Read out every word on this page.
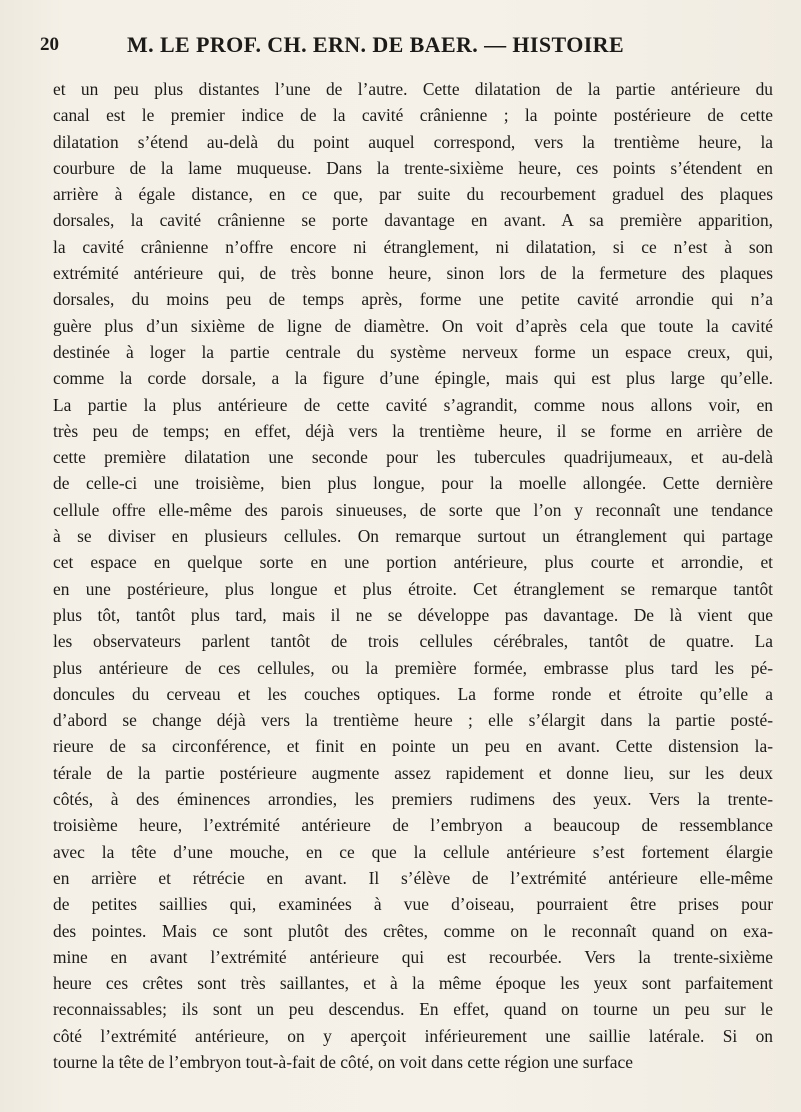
20	M. LE PROF. CH. ERN. DE BAER. — HISTOIRE
et un peu plus distantes l’une de l’autre. Cette dilatation de la partie antérieure du
canal est le premier indice de la cavité crânienne ; la pointe postérieure de cette
dilatation s’étend au-delà du point auquel correspond, vers la trentième heure, la
courbure de la lame muqueuse. Dans la trente-sixième heure, ces points s’étendent en
arrière à égale distance, en ce que, par suite du recourbement graduel des plaques
dorsales, la cavité crânienne se porte davantage en avant. A sa première apparition,
la cavité crânienne n’offre encore ni étranglement, ni dilatation, si ce n’est à son
extrémité antérieure qui, de très bonne heure, sinon lors de la fermeture des plaques
dorsales, du moins peu de temps après, forme une petite cavité arrondie qui n’a
guère plus d’un sixième de ligne de diamètre. On voit d’après cela que toute la cavité
destinée à loger la partie centrale du système nerveux forme un espace creux, qui,
comme la corde dorsale, a la figure d’une épingle, mais qui est plus large qu’elle.
La partie la plus antérieure de cette cavité s’agrandit, comme nous allons voir, en
très peu de temps; en effet, déjà vers la trentième heure, il se forme en arrière de
cette première dilatation une seconde pour les tubercules quadrijumeaux, et au-delà
de celle-ci une troisième, bien plus longue, pour la moelle allongée. Cette dernière
cellule offre elle-même des parois sinueuses, de sorte que l’on y reconnaît une tendance
à se diviser en plusieurs cellules. On remarque surtout un étranglement qui partage
cet espace en quelque sorte en une portion antérieure, plus courte et arrondie, et
en une postérieure, plus longue et plus étroite. Cet étranglement se remarque tantôt
plus tôt, tantôt plus tard, mais il ne se développe pas davantage. De là vient que
les observateurs parlent tantôt de trois cellules cérébrales, tantôt de quatre. La
plus antérieure de ces cellules, ou la première formée, embrasse plus tard les pé-
doncules du cerveau et les couches optiques. La forme ronde et étroite qu’elle a
d’abord se change déjà vers la trentième heure ; elle s’élargit dans la partie posté-
rieure de sa circonférence, et finit en pointe un peu en avant. Cette distension la-
térale de la partie postérieure augmente assez rapidement et donne lieu, sur les deux
côtés, à des éminences arrondies, les premiers rudimens des yeux. Vers la trente-
troisième heure, l’extrémité antérieure de l’embryon a beaucoup de ressemblance
avec la tête d’une mouche, en ce que la cellule antérieure s’est fortement élargie
en arrière et rétrécie en avant. Il s’élève de l’extrémité antérieure elle-même
de petites saillies qui, examinées à vue d’oiseau, pourraient être prises pour
des pointes. Mais ce sont plutôt des crêtes, comme on le reconnaît quand on exa-
mine en avant l’extrémité antérieure qui est recourbée. Vers la trente-sixième
heure ces crêtes sont très saillantes, et à la même époque les yeux sont parfaitement
reconnaissables; ils sont un peu descendus. En effet, quand on tourne un peu sur le
côté l’extrémité antérieure, on y aperçoit inférieurement une saillie latérale. Si on
tourne la tête de l’embryon tout-à-fait de côté, on voit dans cette région une surface
